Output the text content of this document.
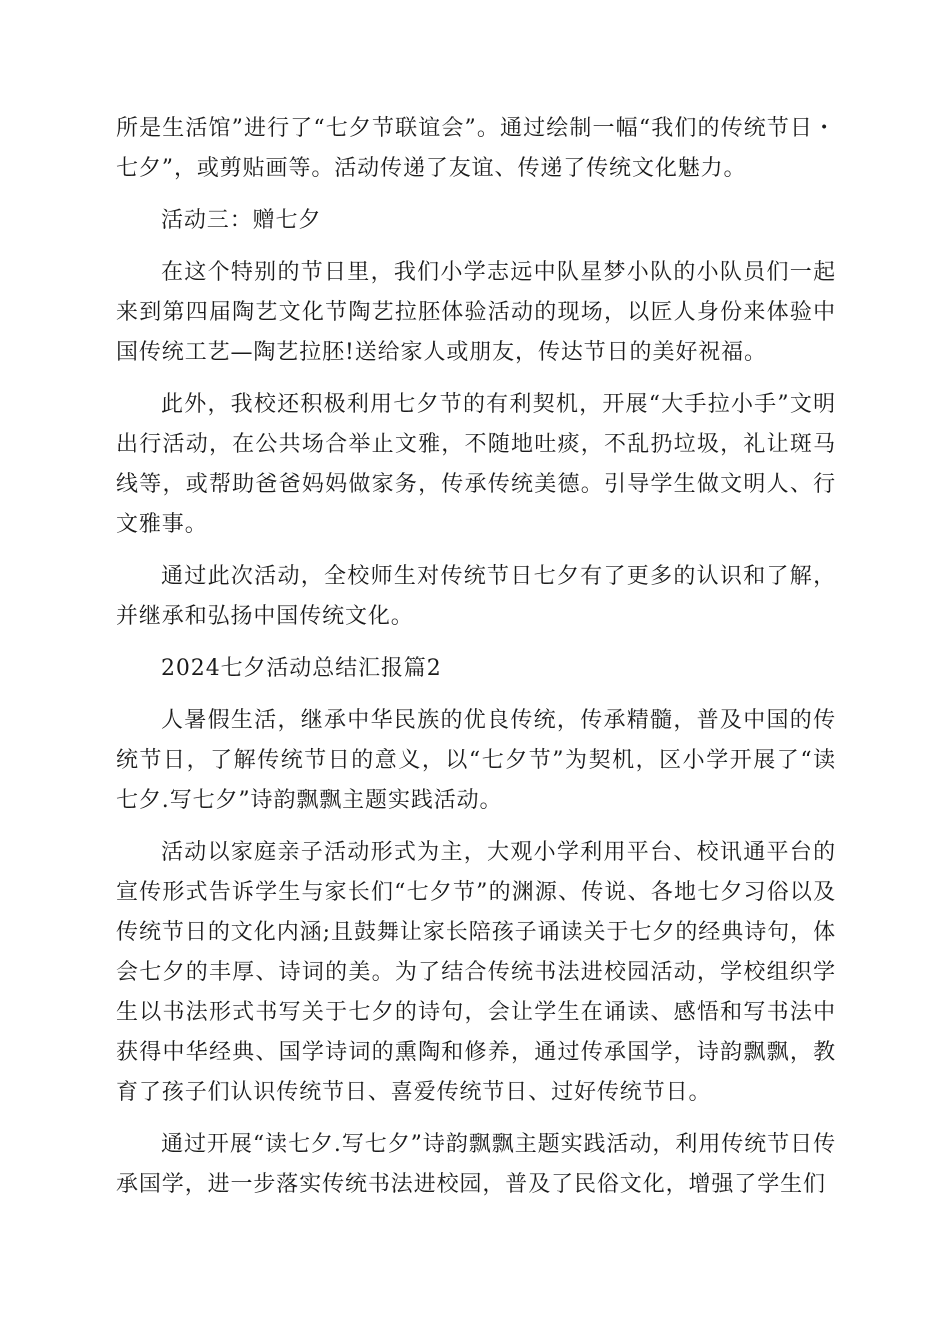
所是生活馆”进行了“七夕节联谊会”。通过绘制一幅“我们的传统节日・七夕”，或剪贴画等。活动传递了友谊、传递了传统文化魅力。

活动三：赠七夕

在这个特别的节日里，我们小学志远中队星梦小队的小队员们一起来到第四届陶艺文化节陶艺拉胚体验活动的现场，以匠人身份来体验中国传统工艺—陶艺拉胚!送给家人或朋友，传达节日的美好祝福。

此外，我校还积极利用七夕节的有利契机，开展“大手拉小手”文明出行活动，在公共场合举止文雅，不随地吐痰，不乱扔垃圾，礼让斑马线等，或帮助爸爸妈妈做家务，传承传统美德。引导学生做文明人、行文雅事。

通过此次活动，全校师生对传统节日七夕有了更多的认识和了解，并继承和弘扬中国传统文化。

2024七夕活动总结汇报篇2

人暑假生活，继承中华民族的优良传统，传承精髓，普及中国的传统节日，了解传统节日的意义，以“七夕节”为契机，区小学开展了“读七夕.写七夕”诗韵飘飘主题实践活动。

活动以家庭亲子活动形式为主，大观小学利用平台、校讯通平台的宣传形式告诉学生与家长们“七夕节”的渊源、传说、各地七夕习俗以及传统节日的文化内涵;且鼓舞让家长陪孩子诵读关于七夕的经典诗句，体会七夕的丰厚、诗词的美。为了结合传统书法进校园活动，学校组织学生以书法形式书写关于七夕的诗句，会让学生在诵读、感悟和写书法中获得中华经典、国学诗词的熏陶和修养，通过传承国学，诗韵飘飘，教育了孩子们认识传统节日、喜爱传统节日、过好传统节日。

通过开展“读七夕.写七夕”诗韵飘飘主题实践活动，利用传统节日传承国学，进一步落实传统书法进校园，普及了民俗文化，增强了学生们
